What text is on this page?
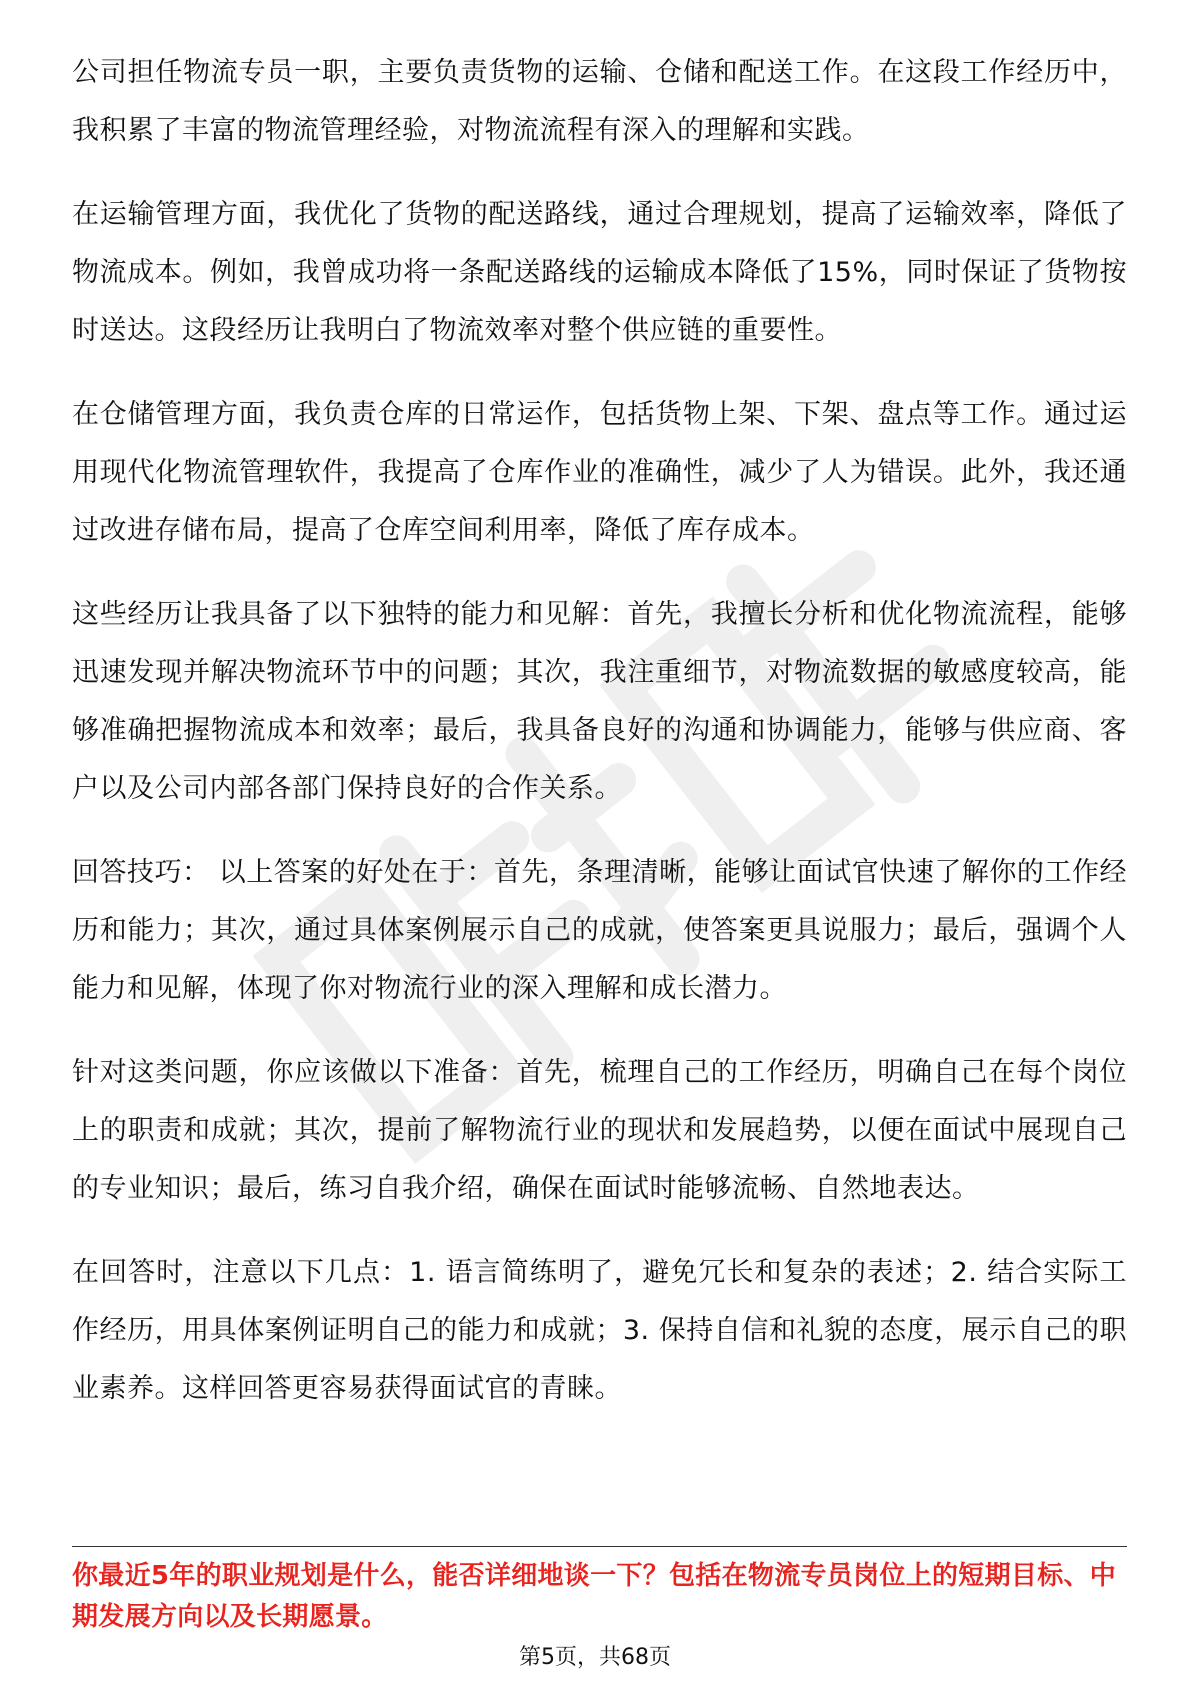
公司担任物流专员一职，主要负责货物的运输、仓储和配送工作。在这段工作经历中，我积累了丰富的物流管理经验，对物流流程有深入的理解和实践。

在运输管理方面，我优化了货物的配送路线，通过合理规划，提高了运输效率，降低了物流成本。例如，我曾成功将一条配送路线的运输成本降低了15%，同时保证了货物按时送达。这段经历让我明白了物流效率对整个供应链的重要性。

在仓储管理方面，我负责仓库的日常运作，包括货物上架、下架、盘点等工作。通过运用现代化物流管理软件，我提高了仓库作业的准确性，减少了人为错误。此外，我还通过改进存储布局，提高了仓库空间利用率，降低了库存成本。

这些经历让我具备了以下独特的能力和见解：首先，我擅长分析和优化物流流程，能够迅速发现并解决物流环节中的问题；其次，我注重细节，对物流数据的敏感度较高，能够准确把握物流成本和效率；最后，我具备良好的沟通和协调能力，能够与供应商、客户以及公司内部各部门保持良好的合作关系。

回答技巧： 以上答案的好处在于：首先，条理清晰，能够让面试官快速了解你的工作经历和能力；其次，通过具体案例展示自己的成就，使答案更具说服力；最后，强调个人能力和见解，体现了你对物流行业的深入理解和成长潜力。

针对这类问题，你应该做以下准备：首先，梳理自己的工作经历，明确自己在每个岗位上的职责和成就；其次，提前了解物流行业的现状和发展趋势，以便在面试中展现自己的专业知识；最后，练习自我介绍，确保在面试时能够流畅、自然地表达。

在回答时，注意以下几点：1. 语言简练明了，避免冗长和复杂的表述；2. 结合实际工作经历，用具体案例证明自己的能力和成就；3. 保持自信和礼貌的态度，展示自己的职业素养。这样回答更容易获得面试官的青睐。

你最近5年的职业规划是什么，能否详细地谈一下？包括在物流专员岗位上的短期目标、中期发展方向以及长期愿景。

第5页，共68页
